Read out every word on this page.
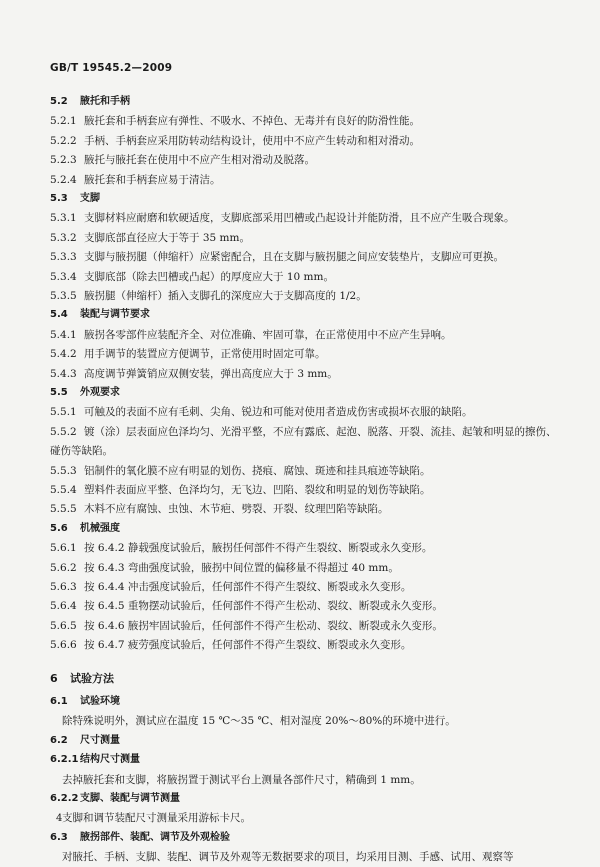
GB/T 19545.2—2009
5.2 腋托和手柄
5.2.1 腋托套和手柄套应有弹性、不吸水、不掉色、无毒并有良好的防滑性能。
5.2.2 手柄、手柄套应采用防转动结构设计，使用中不应产生转动和相对滑动。
5.2.3 腋托与腋托套在使用中不应产生相对滑动及脱落。
5.2.4 腋托套和手柄套应易于清洁。
5.3 支脚
5.3.1 支脚材料应耐磨和软硬适度，支脚底部采用凹槽或凸起设计并能防滑，且不应产生吸合现象。
5.3.2 支脚底部直径应大于等于 35 mm。
5.3.3 支脚与腋拐腿（伸缩杆）应紧密配合，且在支脚与腋拐腿之间应安装垫片，支脚应可更换。
5.3.4 支脚底部（除去凹槽或凸起）的厚度应大于 10 mm。
5.3.5 腋拐腿（伸缩杆）插入支脚孔的深度应大于支脚高度的 1/2。
5.4 装配与调节要求
5.4.1 腋拐各零部件应装配齐全、对位准确、牢固可靠，在正常使用中不应产生异响。
5.4.2 用手调节的装置应方便调节，正常使用时固定可靠。
5.4.3 高度调节弹簧销应双侧安装，弹出高度应大于 3 mm。
5.5 外观要求
5.5.1 可触及的表面不应有毛刺、尖角、锐边和可能对使用者造成伤害或损坏衣服的缺陷。
5.5.2 镀（涂）层表面应色泽均匀、光滑平整，不应有露底、起泡、脱落、开裂、流挂、起皱和明显的擦伤、
碰伤等缺陷。
5.5.3 铝制件的氧化膜不应有明显的划伤、挠痕、腐蚀、斑迹和挂具痕迹等缺陷。
5.5.4 塑料件表面应平整、色泽均匀，无飞边、凹陷、裂纹和明显的划伤等缺陷。
5.5.5 木料不应有腐蚀、虫蚀、木节疤、劈裂、开裂、纹理凹陷等缺陷。
5.6 机械强度
5.6.1 按 6.4.2 静载强度试验后，腋拐任何部件不得产生裂纹、断裂或永久变形。
5.6.2 按 6.4.3 弯曲强度试验，腋拐中间位置的偏移量不得超过 40 mm。
5.6.3 按 6.4.4 冲击强度试验后，任何部件不得产生裂纹、断裂或永久变形。
5.6.4 按 6.4.5 重物摆动试验后，任何部件不得产生松动、裂纹、断裂或永久变形。
5.6.5 按 6.4.6 腋拐牢固试验后，任何部件不得产生松动、裂纹、断裂或永久变形。
5.6.6 按 6.4.7 疲劳强度试验后，任何部件不得产生裂纹、断裂或永久变形。
6 试验方法
6.1 试验环境
除特殊说明外，测试应在温度 15 ℃～35 ℃、相对湿度 20%～80%的环境中进行。
6.2 尺寸测量
6.2.1 结构尺寸测量
去掉腋托套和支脚，将腋拐置于测试平台上测量各部件尺寸，精确到 1 mm。
6.2.2 支脚、装配与调节测量
支脚和调节装配尺寸测量采用游标卡尺。
6.3 腋拐部件、装配、调节及外观检验
对腋托、手柄、支脚、装配、调节及外观等无数据要求的项目，均采用目测、手感、试用、观察等
4
